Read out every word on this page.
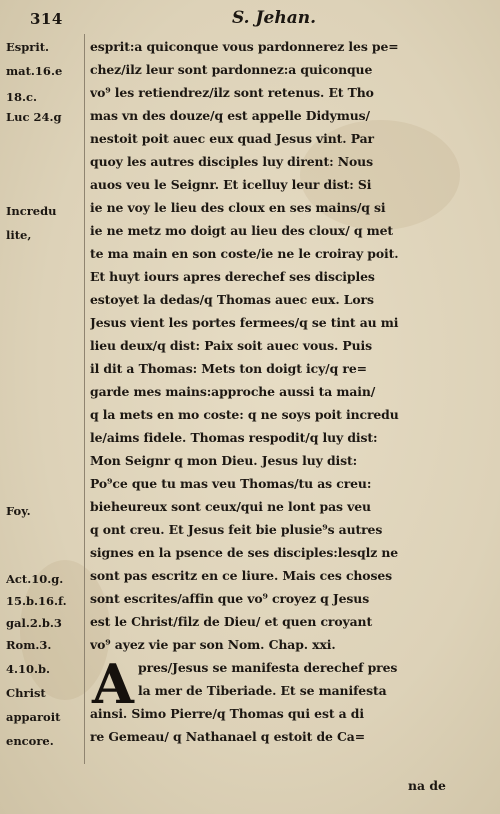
314	S. Jehan.
Esprit.
mat.16.e
18.c.
Luc 24.g
Incredu
lite,
Foy.
Act.10.g.
15.b.16.f.
gal.2.b.3
Rom.3.
4.10.b.
Christ
apparoit
encore.
esprit:a quiconque vous pardonnerez les pe=
chez/ilz leur sont pardonnez:a quiconque
vo⁹ les retiendrez/ilz sont retenus. Et Tho
mas vn des douze/q est appelle Didymus/
nestoit poit auec eux quad Jesus vint. Par
quoy les autres disciples luy dirent: Nous
auos veu le Seignr. Et icelluy leur dist: Si
ie ne voy le lieu des cloux en ses mains/q si
ie ne metz mo doigt au lieu des cloux/ q met
te ma main en son coste/ie ne le croiray poit.
Et huyt iours apres derechef ses disciples
estoyet la dedas/q Thomas auec eux. Lors
Jesus vient les portes fermees/q se tint au mi
lieu deux/q dist: Paix soit auec vous. Puis
il dit a Thomas: Mets ton doigt icy/q re=
garde mes mains:approche aussi ta main/
q la mets en mo coste: q ne soys poit incredu
le/aims fidele. Thomas respodit/q luy dist:
Mon Seignr q mon Dieu. Jesus luy dist:
Po⁹ce que tu mas veu Thomas/tu as creu:
bieheureux sont ceux/qui ne lont pas veu
q ont creu. Et Jesus feit bie plusie⁹s autres
signes en la psence de ses disciples:lesqlz ne
sont pas escritz en ce liure. Mais ces choses
sont escrites/affin que vo⁹ croyez q Jesus
est le Christ/filz de Dieu/ et quen croyant
vo⁹ ayez vie par son Nom. Chap. xxi.
A pres/Jesus se manifesta derechef pres
la mer de Tiberiade. Et se manifesta
ainsi. Simo Pierre/q Thomas qui est a di
re Gemeau/ q Nathanael q estoit de Ca=
na de
